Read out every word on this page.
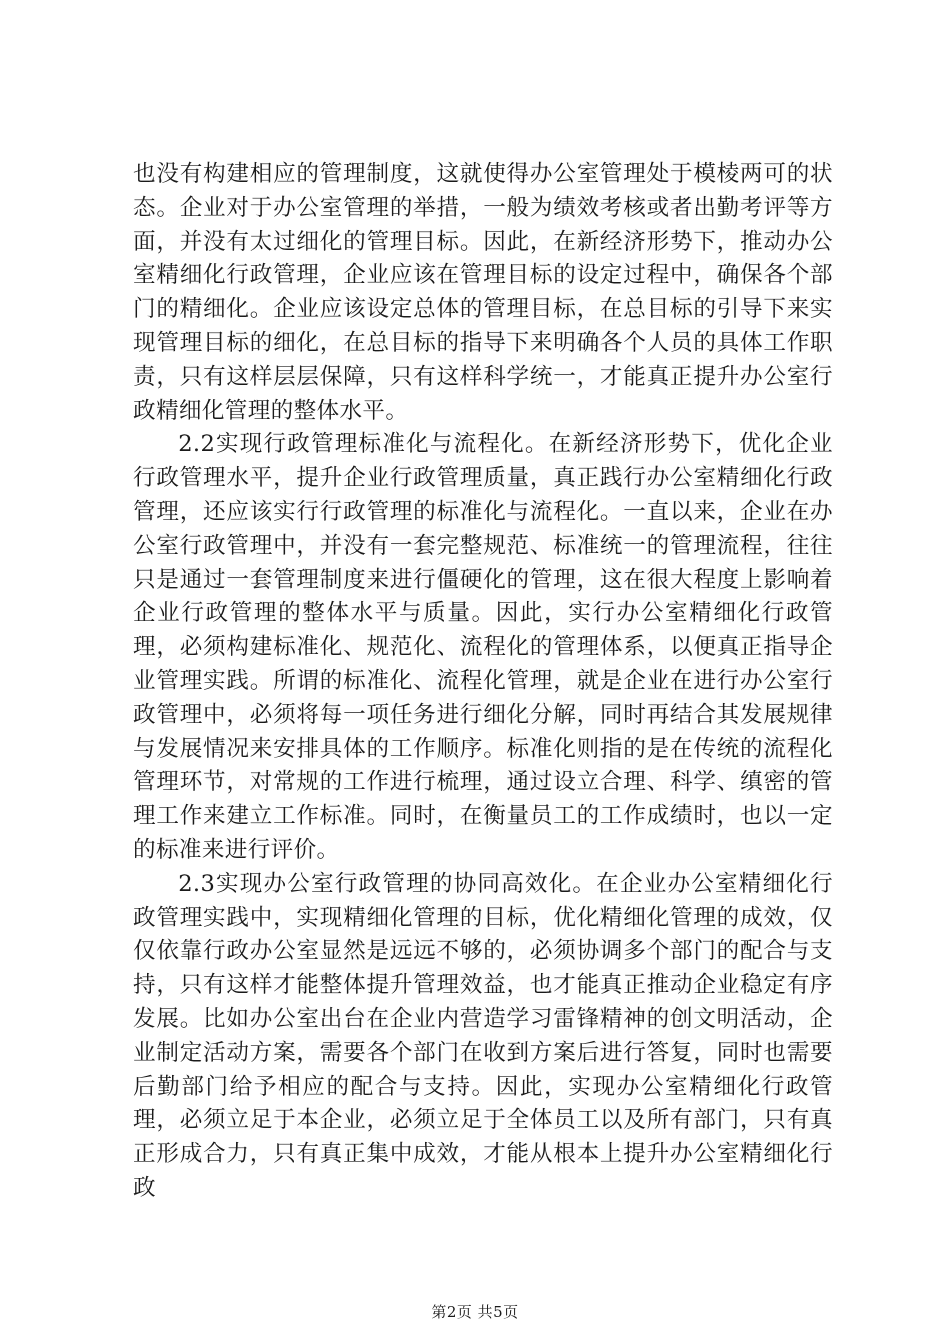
也没有构建相应的管理制度，这就使得办公室管理处于模棱两可的状态。企业对于办公室管理的举措，一般为绩效考核或者出勤考评等方面，并没有太过细化的管理目标。因此，在新经济形势下，推动办公室精细化行政管理，企业应该在管理目标的设定过程中，确保各个部门的精细化。企业应该设定总体的管理目标，在总目标的引导下来实现管理目标的细化，在总目标的指导下来明确各个人员的具体工作职责，只有这样层层保障，只有这样科学统一，才能真正提升办公室行政精细化管理的整体水平。

2.2实现行政管理标准化与流程化。在新经济形势下，优化企业行政管理水平，提升企业行政管理质量，真正践行办公室精细化行政管理，还应该实行行政管理的标准化与流程化。一直以来，企业在办公室行政管理中，并没有一套完整规范、标准统一的管理流程，往往只是通过一套管理制度来进行僵硬化的管理，这在很大程度上影响着企业行政管理的整体水平与质量。因此，实行办公室精细化行政管理，必须构建标准化、规范化、流程化的管理体系，以便真正指导企业管理实践。所谓的标准化、流程化管理，就是企业在进行办公室行政管理中，必须将每一项任务进行细化分解，同时再结合其发展规律与发展情况来安排具体的工作顺序。标准化则指的是在传统的流程化管理环节，对常规的工作进行梳理，通过设立合理、科学、缜密的管理工作来建立工作标准。同时，在衡量员工的工作成绩时，也以一定的标准来进行评价。

2.3实现办公室行政管理的协同高效化。在企业办公室精细化行政管理实践中，实现精细化管理的目标，优化精细化管理的成效，仅仅依靠行政办公室显然是远远不够的，必须协调多个部门的配合与支持，只有这样才能整体提升管理效益，也才能真正推动企业稳定有序发展。比如办公室出台在企业内营造学习雷锋精神的创文明活动，企业制定活动方案，需要各个部门在收到方案后进行答复，同时也需要后勤部门给予相应的配合与支持。因此，实现办公室精细化行政管理，必须立足于本企业，必须立足于全体员工以及所有部门，只有真正形成合力，只有真正集中成效，才能从根本上提升办公室精细化行政

第2页 共5页
